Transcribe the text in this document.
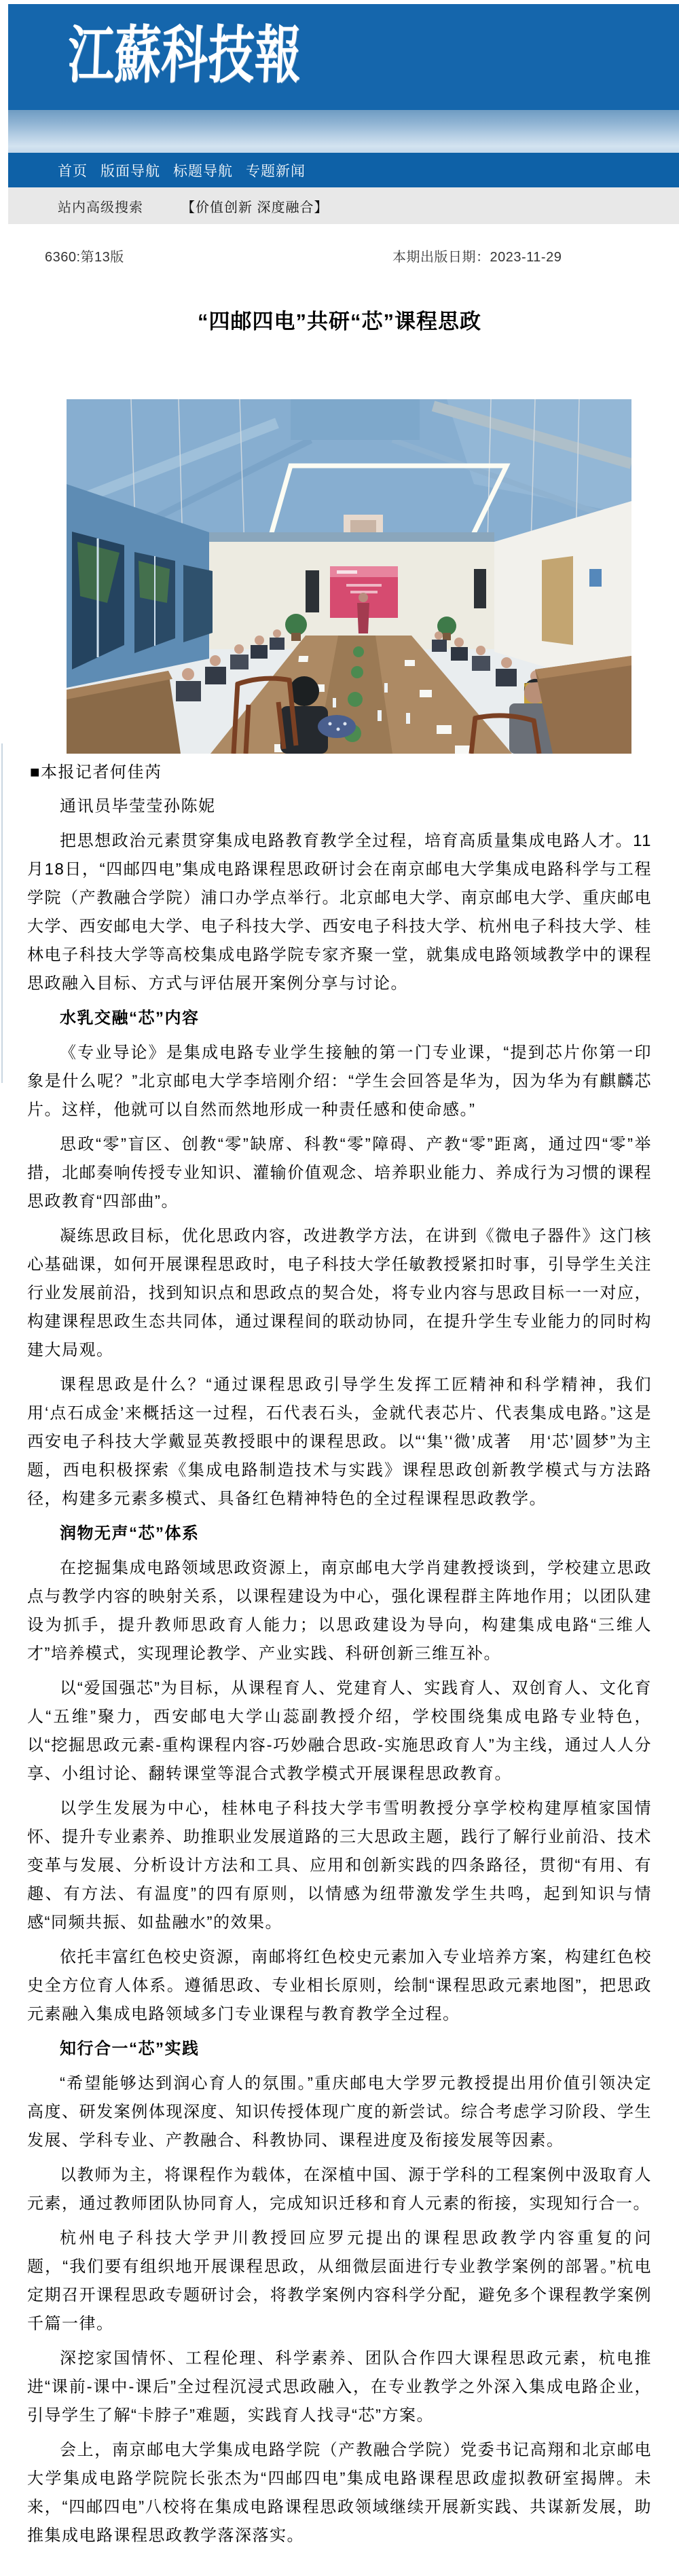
江蘇科技報
首页 版面导航 标题导航 专题新闻
站内高级搜索	【价值创新 深度融合】
6360:第13版	本期出版日期：2023-11-29
“四邮四电”共研“芯”课程思政
■本报记者何佳芮

通讯员毕莹莹孙陈妮

把思想政治元素贯穿集成电路教育教学全过程，培育高质量集成电路人才。11月18日，“四邮四电”集成电路课程思政研讨会在南京邮电大学集成电路科学与工程学院（产教融合学院）浦口办学点举行。北京邮电大学、南京邮电大学、重庆邮电大学、西安邮电大学、电子科技大学、西安电子科技大学、杭州电子科技大学、桂林电子科技大学等高校集成电路学院专家齐聚一堂，就集成电路领域教学中的课程思政融入目标、方式与评估展开案例分享与讨论。

水乳交融“芯”内容

《专业导论》是集成电路专业学生接触的第一门专业课，“提到芯片你第一印象是什么呢？”北京邮电大学李培刚介绍：“学生会回答是华为，因为华为有麒麟芯片。这样，他就可以自然而然地形成一种责任感和使命感。”

思政“零”盲区、创教“零”缺席、科教“零”障碍、产教“零”距离，通过四“零”举措，北邮奏响传授专业知识、灌输价值观念、培养职业能力、养成行为习惯的课程思政教育“四部曲”。

凝练思政目标，优化思政内容，改进教学方法，在讲到《微电子器件》这门核心基础课，如何开展课程思政时，电子科技大学任敏教授紧扣时事，引导学生关注行业发展前沿，找到知识点和思政点的契合处，将专业内容与思政目标一一对应，构建课程思政生态共同体，通过课程间的联动协同，在提升学生专业能力的同时构建大局观。

课程思政是什么？“通过课程思政引导学生发挥工匠精神和科学精神，我们用‘点石成金’来概括这一过程，石代表石头，金就代表芯片、代表集成电路。”这是西安电子科技大学戴显英教授眼中的课程思政。以“‘集’‘微’成著　用‘芯’圆梦”为主题，西电积极探索《集成电路制造技术与实践》课程思政创新教学模式与方法路径，构建多元素多模式、具备红色精神特色的全过程课程思政教学。

润物无声“芯”体系

在挖掘集成电路领域思政资源上，南京邮电大学肖建教授谈到，学校建立思政点与教学内容的映射关系，以课程建设为中心，强化课程群主阵地作用；以团队建设为抓手，提升教师思政育人能力；以思政建设为导向，构建集成电路“三维人才”培养模式，实现理论教学、产业实践、科研创新三维互补。

以“爱国强芯”为目标，从课程育人、党建育人、实践育人、双创育人、文化育人“五维”聚力，西安邮电大学山蕊副教授介绍，学校围绕集成电路专业特色，以“挖掘思政元素-重构课程内容-巧妙融合思政-实施思政育人”为主线，通过人人分享、小组讨论、翻转课堂等混合式教学模式开展课程思政教育。

以学生发展为中心，桂林电子科技大学韦雪明教授分享学校构建厚植家国情怀、提升专业素养、助推职业发展道路的三大思政主题，践行了解行业前沿、技术变革与发展、分析设计方法和工具、应用和创新实践的四条路径，贯彻“有用、有趣、有方法、有温度”的四有原则，以情感为纽带激发学生共鸣，起到知识与情感“同频共振、如盐融水”的效果。

依托丰富红色校史资源，南邮将红色校史元素加入专业培养方案，构建红色校史全方位育人体系。遵循思政、专业相长原则，绘制“课程思政元素地图”，把思政元素融入集成电路领域多门专业课程与教育教学全过程。

知行合一“芯”实践

“希望能够达到润心育人的氛围。”重庆邮电大学罗元教授提出用价值引领决定高度、研发案例体现深度、知识传授体现广度的新尝试。综合考虑学习阶段、学生发展、学科专业、产教融合、科教协同、课程进度及衔接发展等因素。

以教师为主，将课程作为载体，在深植中国、源于学科的工程案例中汲取育人元素，通过教师团队协同育人，完成知识迁移和育人元素的衔接，实现知行合一。

杭州电子科技大学尹川教授回应罗元提出的课程思政教学内容重复的问题，“我们要有组织地开展课程思政，从细微层面进行专业教学案例的部署。”杭电定期召开课程思政专题研讨会，将教学案例内容科学分配，避免多个课程教学案例千篇一律。

深挖家国情怀、工程伦理、科学素养、团队合作四大课程思政元素，杭电推进“课前-课中-课后”全过程沉浸式思政融入，在专业教学之外深入集成电路企业，引导学生了解“卡脖子”难题，实践育人找寻“芯”方案。

会上，南京邮电大学集成电路学院（产教融合学院）党委书记高翔和北京邮电大学集成电路学院院长张杰为“四邮四电”集成电路课程思政虚拟教研室揭牌。未来，“四邮四电”八校将在集成电路课程思政领域继续开展新实践、共谋新发展，助推集成电路课程思政教学落深落实。
